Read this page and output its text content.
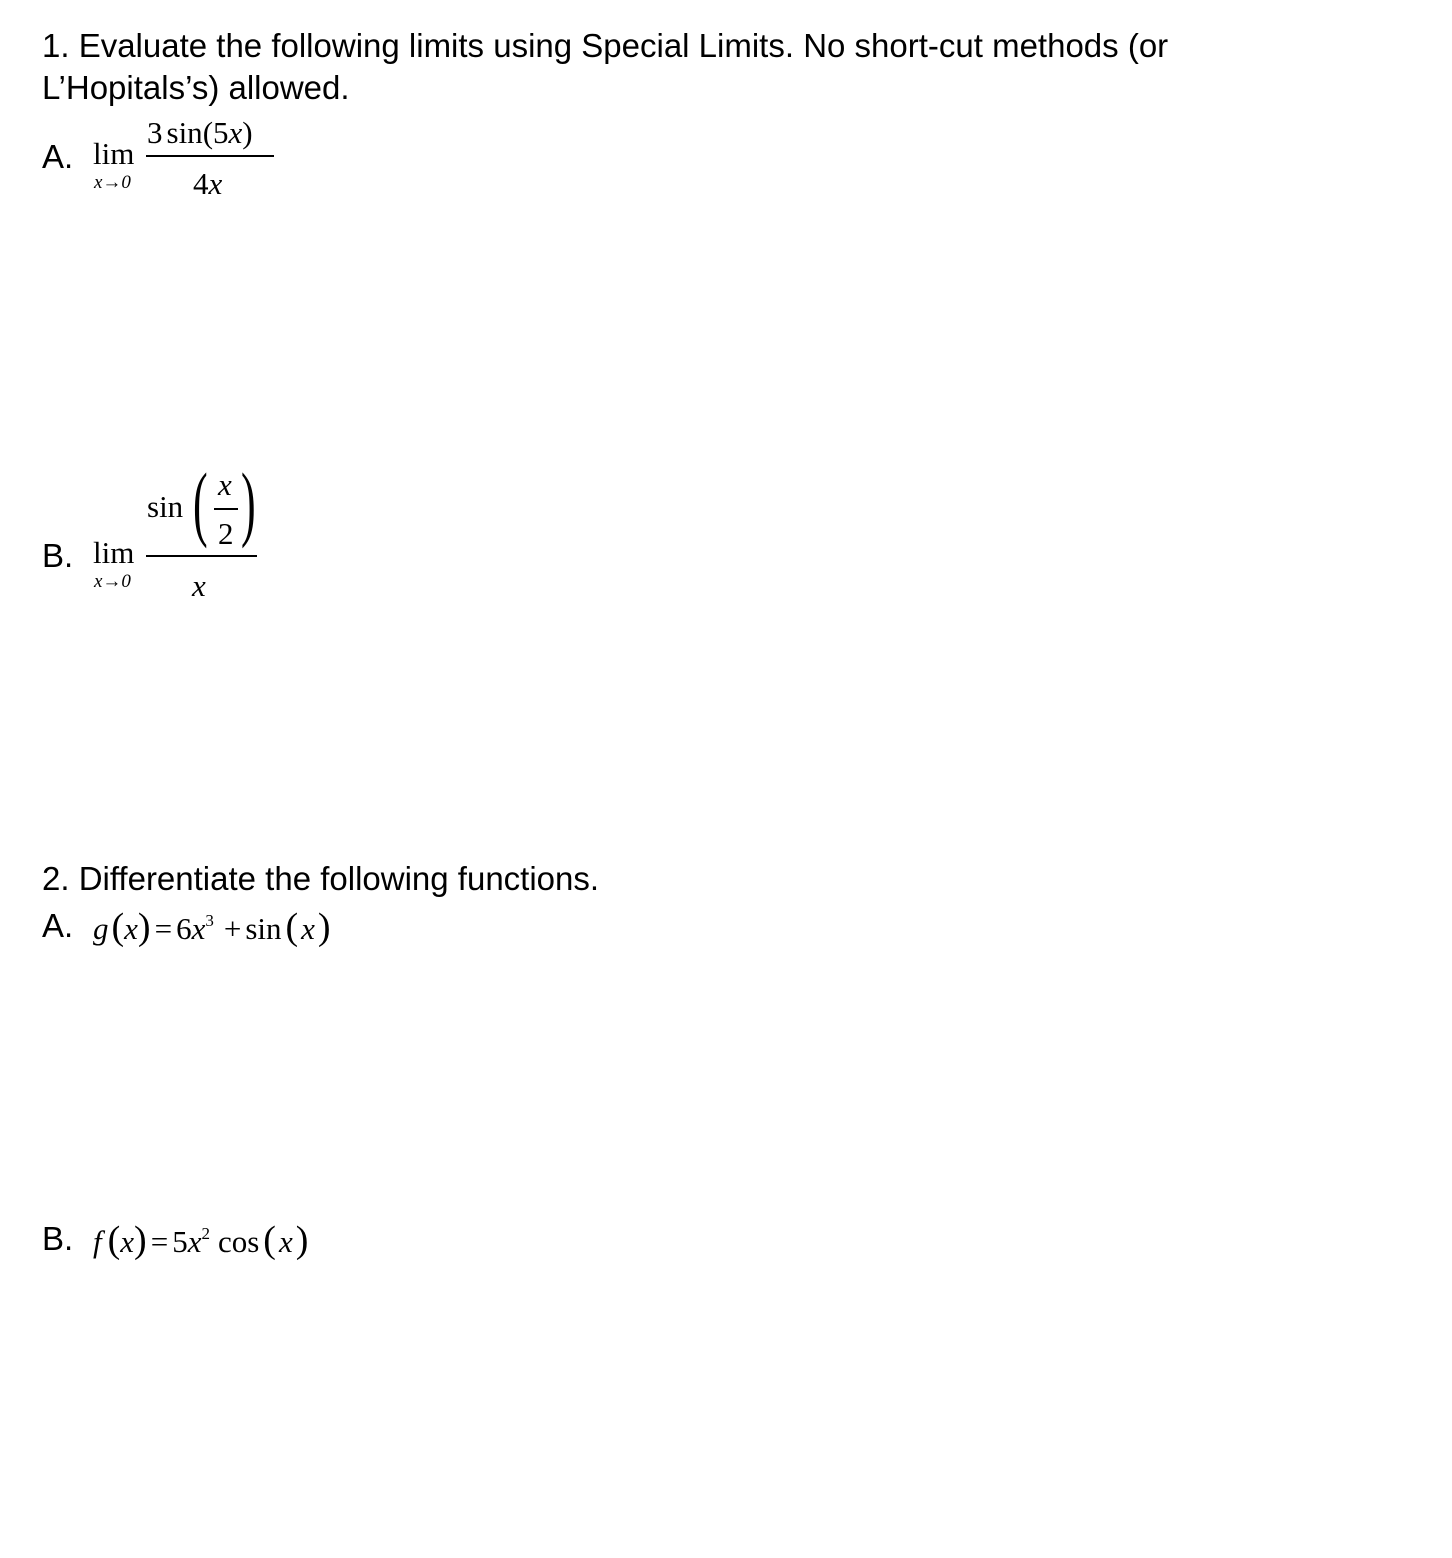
1. Evaluate the following limits using Special Limits. No short-cut methods (or
L’Hopitals’s) allowed.
A. lim
x→0
3 sin ( 5 x )
4 x
B. lim
x→0
sin ( x
2 )
x
2. Differentiate the following functions.
A. g ( x ) = 6 x 3 + sin ( x )
B. f ( x ) = 5 x 2 cos ( x )
